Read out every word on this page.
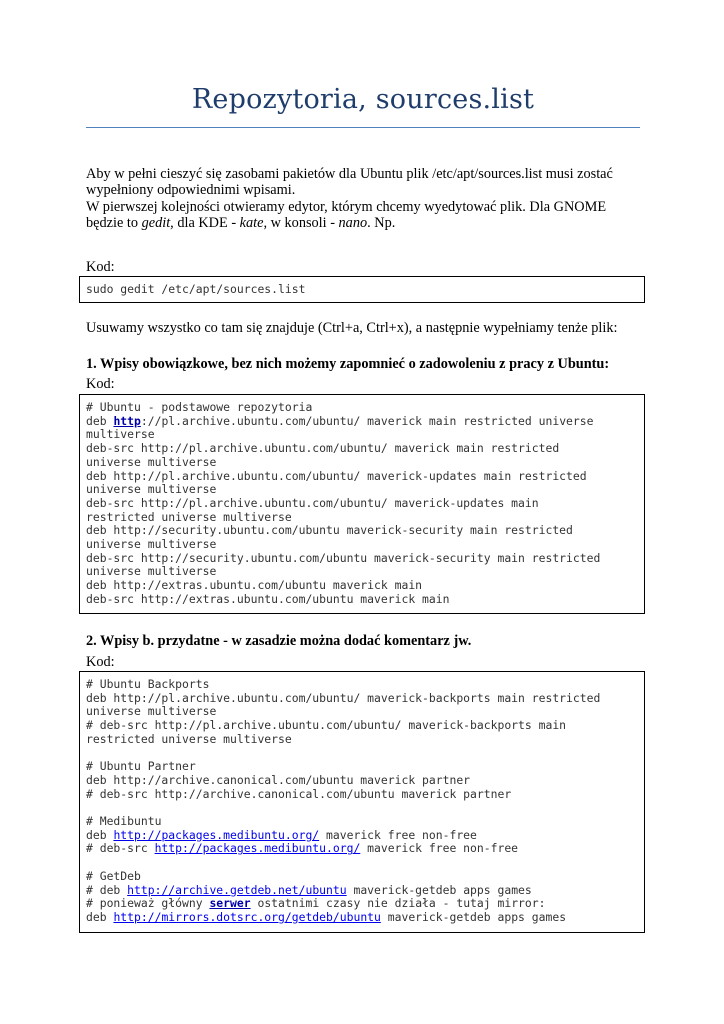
Repozytoria, sources.list

Aby w pełni cieszyć się zasobami pakietów dla Ubuntu plik /etc/apt/sources.list musi zostać

wypełniony odpowiednimi wpisami.

W pierwszej kolejności otwieramy edytor, którym chcemy wyedytować plik. Dla GNOME

będzie to gedit, dla KDE - kate, w konsoli - nano. Np.

Kod:
sudo gedit /etc/apt/sources.list
Usuwamy wszystko co tam się znajduje (Ctrl+a, Ctrl+x), a następnie wypełniamy tenże plik:
1. Wpisy obowiązkowe, bez nich możemy zapomnieć o zadowoleniu z pracy z Ubuntu:
Kod:
# Ubuntu - podstawowe repozytoria
deb http://pl.archive.ubuntu.com/ubuntu/ maverick main restricted universe
multiverse
deb-src http://pl.archive.ubuntu.com/ubuntu/ maverick main restricted
universe multiverse
deb http://pl.archive.ubuntu.com/ubuntu/ maverick-updates main restricted
universe multiverse
deb-src http://pl.archive.ubuntu.com/ubuntu/ maverick-updates main
restricted universe multiverse
deb http://security.ubuntu.com/ubuntu maverick-security main restricted
universe multiverse
deb-src http://security.ubuntu.com/ubuntu maverick-security main restricted
universe multiverse
deb http://extras.ubuntu.com/ubuntu maverick main
deb-src http://extras.ubuntu.com/ubuntu maverick main
2. Wpisy b. przydatne - w zasadzie można dodać komentarz jw.
Kod:
# Ubuntu Backports
deb http://pl.archive.ubuntu.com/ubuntu/ maverick-backports main restricted
universe multiverse
# deb-src http://pl.archive.ubuntu.com/ubuntu/ maverick-backports main
restricted universe multiverse
# Ubuntu Partner
deb http://archive.canonical.com/ubuntu maverick partner
# deb-src http://archive.canonical.com/ubuntu maverick partner
# Medibuntu
deb http://packages.medibuntu.org/ maverick free non-free
# deb-src http://packages.medibuntu.org/ maverick free non-free
# GetDeb
# deb http://archive.getdeb.net/ubuntu maverick-getdeb apps games
# ponieważ główny serwer ostatnimi czasy nie działa - tutaj mirror:
deb http://mirrors.dotsrc.org/getdeb/ubuntu maverick-getdeb apps games
